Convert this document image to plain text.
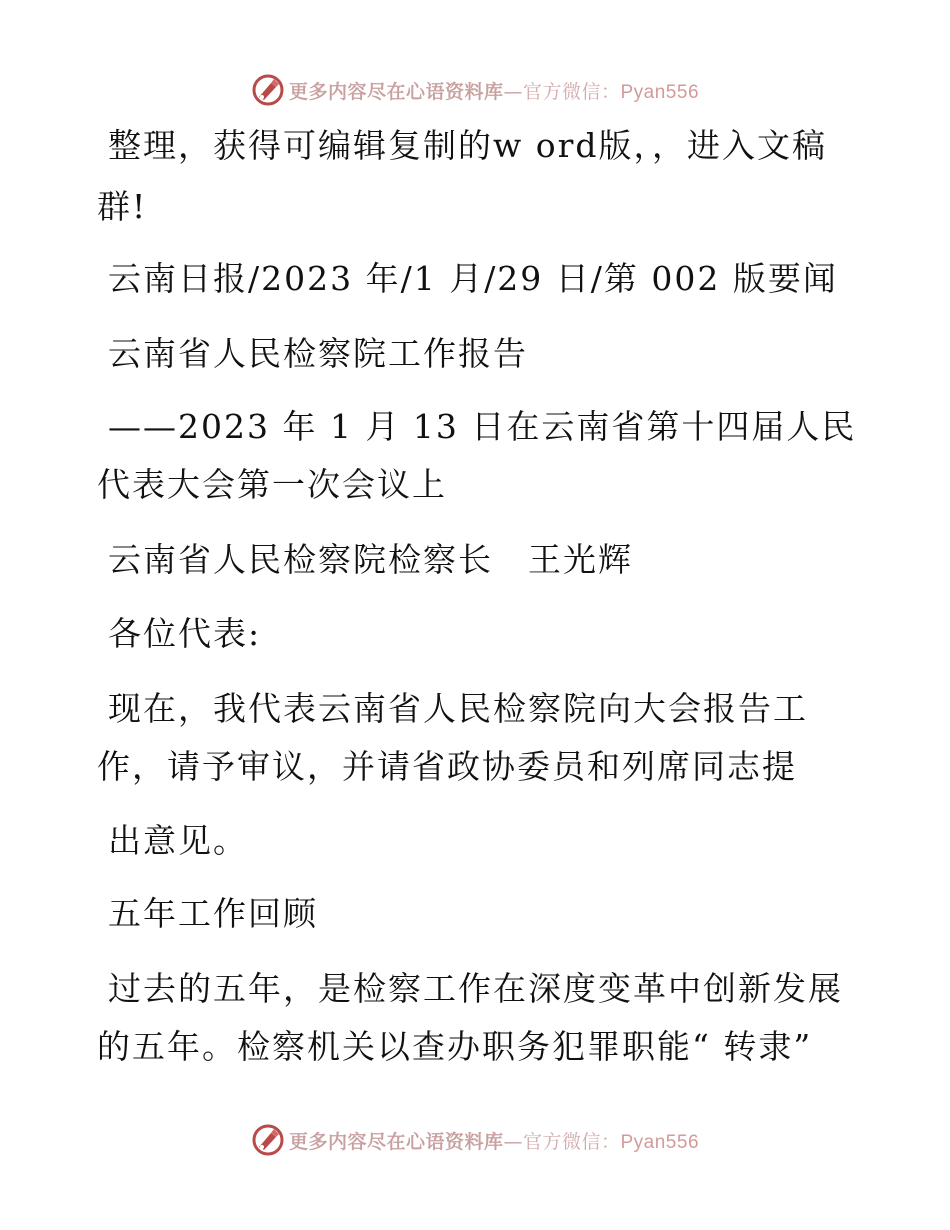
更多内容尽在心语资料库—官方微信：Pyan556
整理，获得可编辑复制的w ord版，，进入文稿
群!
云南日报/2023 年/1 月/29 日/第 002 版要闻
云南省人民检察院工作报告
——2023 年 1 月 13 日在云南省第十四届人民
代表大会第一次会议上
云南省人民检察院检察长　王光辉
各位代表:
现在，我代表云南省人民检察院向大会报告工
作，请予审议，并请省政协委员和列席同志提
出意见。
五年工作回顾
过去的五年，是检察工作在深度变革中创新发展
的五年。检察机关以查办职务犯罪职能“ 转隶”
更多内容尽在心语资料库—官方微信：Pyan556
